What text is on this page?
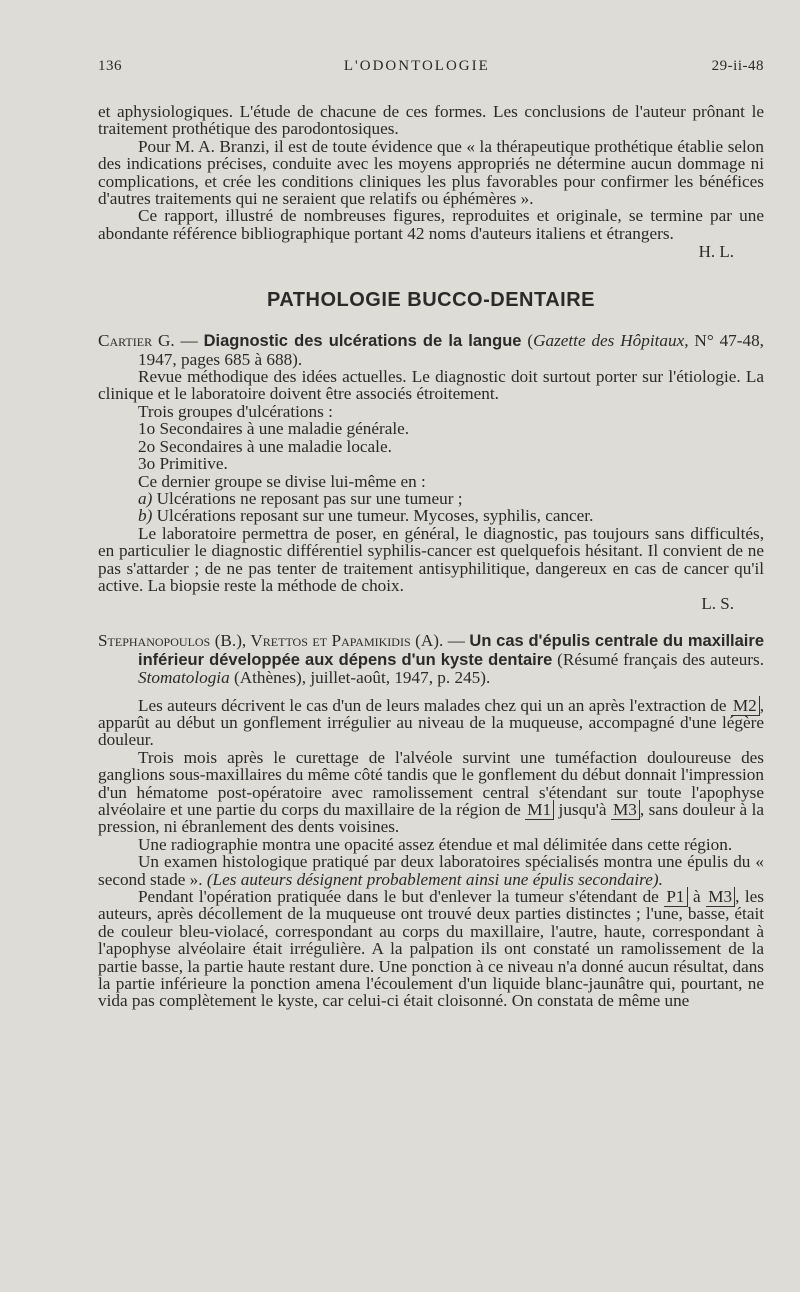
136	L'ODONTOLOGIE	29-ii-48

et aphysiologiques. L'étude de chacune de ces formes. Les conclusions de l'auteur prônant le traitement prothétique des parodontosiques.

Pour M. A. Branzi, il est de toute évidence que « la thérapeutique prothétique établie selon des indications précises, conduite avec les moyens appropriés ne détermine aucun dommage ni complications, et crée les conditions cliniques les plus favorables pour confirmer les bénéfices d'autres traitements qui ne seraient que relatifs ou éphémères ».

Ce rapport, illustré de nombreuses figures, reproduites et originale, se termine par une abondante référence bibliographique portant 42 noms d'auteurs italiens et étrangers.

H. L.
PATHOLOGIE BUCCO-DENTAIRE

Cartier G. — Diagnostic des ulcérations de la langue (Gazette des Hôpitaux, N° 47-48, 1947, pages 685 à 688).

Revue méthodique des idées actuelles. Le diagnostic doit surtout porter sur l'étiologie. La clinique et le laboratoire doivent être associés étroitement.

Trois groupes d'ulcérations :

1o Secondaires à une maladie générale.

2o Secondaires à une maladie locale.

3o Primitive.

Ce dernier groupe se divise lui-même en :

a) Ulcérations ne reposant pas sur une tumeur ;

b) Ulcérations reposant sur une tumeur. Mycoses, syphilis, cancer.

Le laboratoire permettra de poser, en général, le diagnostic, pas toujours sans difficultés, en particulier le diagnostic différentiel syphilis-cancer est quelquefois hésitant. Il convient de ne pas s'attarder ; de ne pas tenter de traitement antisyphilitique, dangereux en cas de cancer qu'il active. La biopsie reste la méthode de choix.

L. S.

Stephanopoulos (B.), Vrettos et Papamikidis (A). — Un cas d'épulis centrale du maxillaire inférieur développée aux dépens d'un kyste dentaire (Résumé français des auteurs. Stomatologia (Athènes), juillet-août, 1947, p. 245).

Les auteurs décrivent le cas d'un de leurs malades chez qui un an après l'extraction de M2 , apparût au début un gonflement irrégulier au niveau de la muqueuse, accompagné d'une légère douleur.

Trois mois après le curettage de l'alvéole survint une tuméfaction douloureuse des ganglions sous-maxillaires du même côté tandis que le gonflement du début donnait l'impression d'un hématome post-opératoire avec ramolissement central s'étendant sur toute l'apophyse alvéolaire et une partie du corps du maxillaire de la région de M1 jusqu'à M3 , sans douleur à la pression, ni ébranlement des dents voisines.

Une radiographie montra une opacité assez étendue et mal délimitée dans cette région.

Un examen histologique pratiqué par deux laboratoires spécialisés montra une épulis du « second stade ». (Les auteurs désignent probablement ainsi une épulis secondaire).

Pendant l'opération pratiquée dans le but d'enlever la tumeur s'étendant de P1 à M3 , les auteurs, après décollement de la muqueuse ont trouvé deux parties distinctes ; l'une, basse, était de couleur bleu-violacé, correspondant au corps du maxillaire, l'autre, haute, correspondant à l'apophyse alvéolaire était irrégulière. A la palpation ils ont constaté un ramolissement de la partie basse, la partie haute restant dure. Une ponction à ce niveau n'a donné aucun résultat, dans la partie inférieure la ponction amena l'écoulement d'un liquide blanc-jaunâtre qui, pourtant, ne vida pas complètement le kyste, car celui-ci était cloisonné. On constata de même une
